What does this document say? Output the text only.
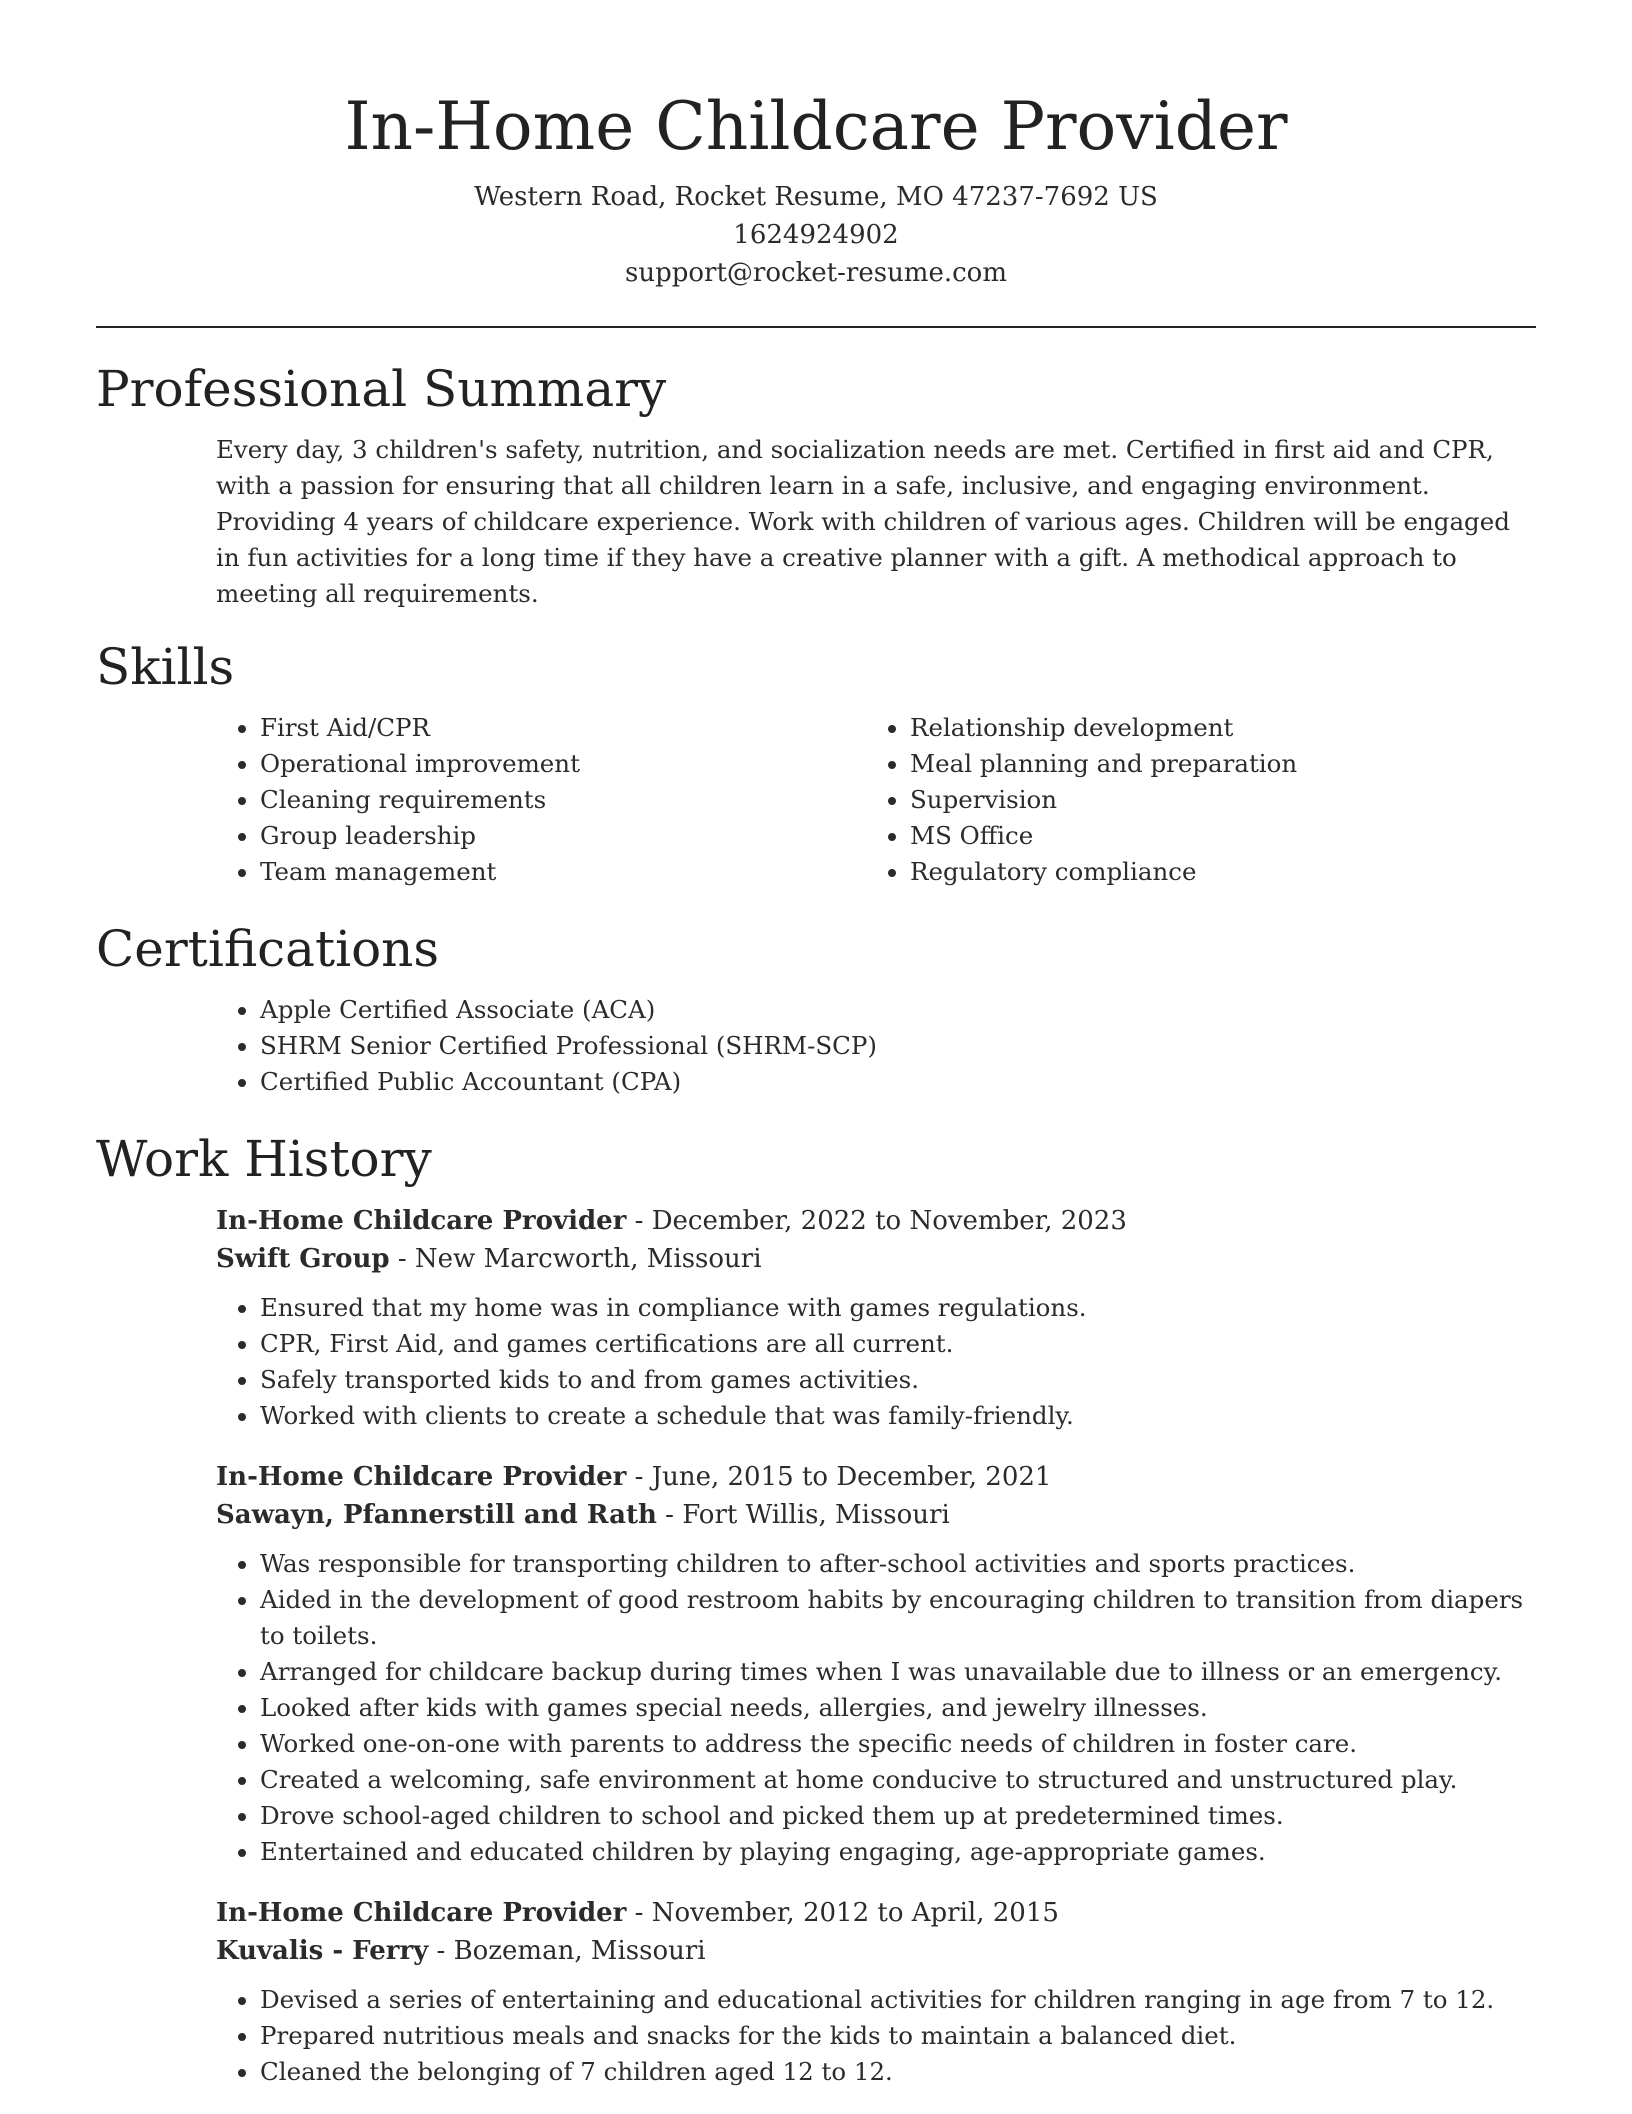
In-Home Childcare Provider
Western Road, Rocket Resume, MO 47237-7692 US
1624924902
support@rocket-resume.com
Professional Summary

Every day, 3 children's safety, nutrition, and socialization needs are met. Certified in first aid and CPR, with a passion for ensuring that all children learn in a safe, inclusive, and engaging environment. Providing 4 years of childcare experience. Work with children of various ages. Children will be engaged in fun activities for a long time if they have a creative planner with a gift. A methodical approach to meeting all requirements.

Skills
• First Aid/CPR
• Operational improvement
• Cleaning requirements
• Group leadership
• Team management
• Relationship development
• Meal planning and preparation
• Supervision
• MS Office
• Regulatory compliance
Certifications
• Apple Certified Associate (ACA)
• SHRM Senior Certified Professional (SHRM-SCP)
• Certified Public Accountant (CPA)
Work History
In-Home Childcare Provider - December, 2022 to November, 2023
Swift Group - New Marcworth, Missouri
• Ensured that my home was in compliance with games regulations.
• CPR, First Aid, and games certifications are all current.
• Safely transported kids to and from games activities.
• Worked with clients to create a schedule that was family-friendly.
In-Home Childcare Provider - June, 2015 to December, 2021
Sawayn, Pfannerstill and Rath - Fort Willis, Missouri
• Was responsible for transporting children to after-school activities and sports practices.
• Aided in the development of good restroom habits by encouraging children to transition from diapers to toilets.
• Arranged for childcare backup during times when I was unavailable due to illness or an emergency.
• Looked after kids with games special needs, allergies, and jewelry illnesses.
• Worked one-on-one with parents to address the specific needs of children in foster care.
• Created a welcoming, safe environment at home conducive to structured and unstructured play.
• Drove school-aged children to school and picked them up at predetermined times.
• Entertained and educated children by playing engaging, age-appropriate games.
In-Home Childcare Provider - November, 2012 to April, 2015
Kuvalis - Ferry - Bozeman, Missouri
• Devised a series of entertaining and educational activities for children ranging in age from 7 to 12.
• Prepared nutritious meals and snacks for the kids to maintain a balanced diet.
• Cleaned the belonging of 7 children aged 12 to 12.
